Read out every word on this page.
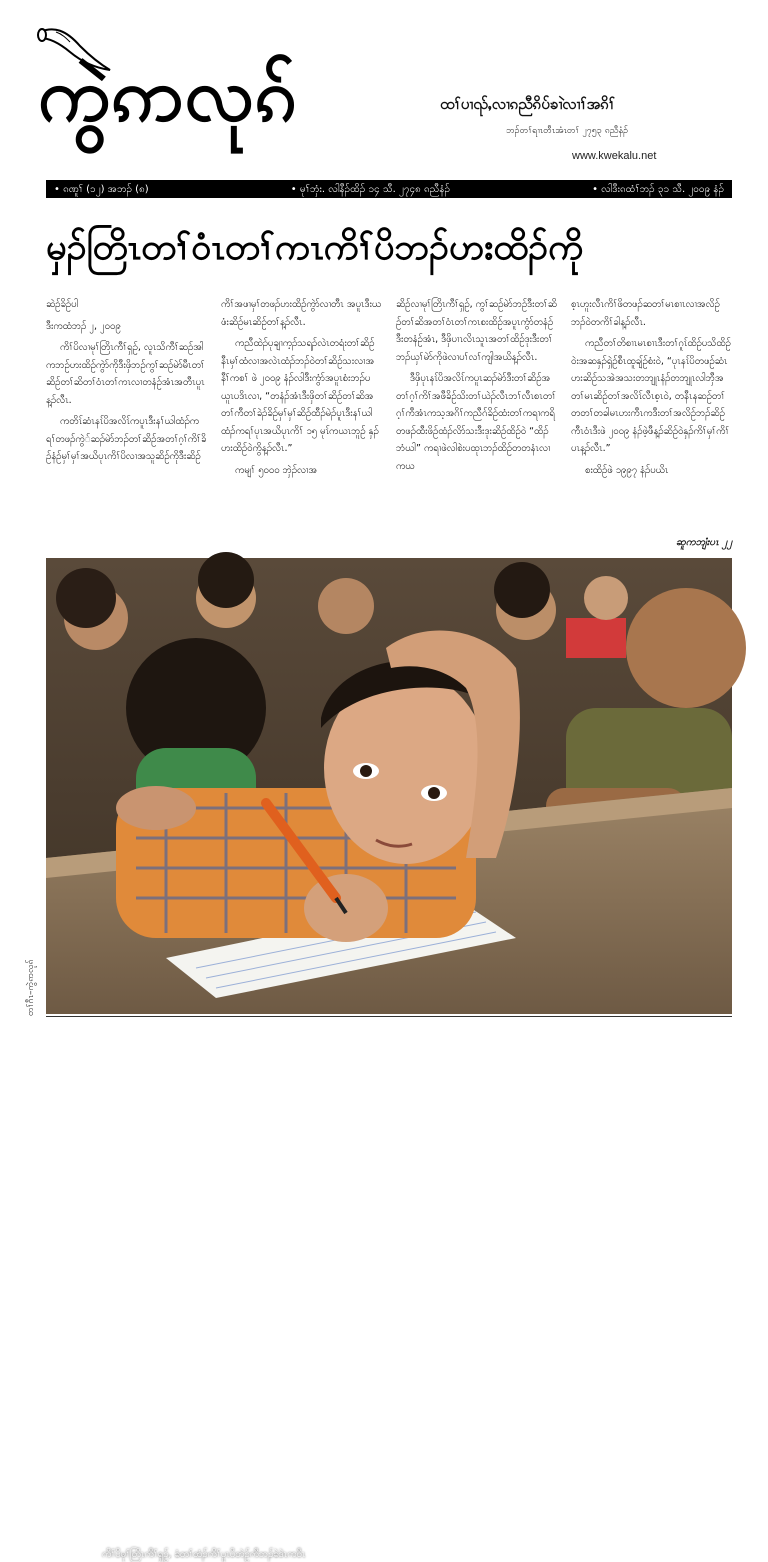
ကွဲၵာလုၵ်	ထၢ်ပၢၺ်ႇလၢၵညီၵိပ်ၶၢဲလၢၢ်အၵိၢ်
ဘၣ်တၢ်ရၢၤတီၤအံၤတၢ် ၂၇၅၃ ၵညီနံၣ်
www.kwekalu.net
• ၵဏူၢ် (၁၂) အဘၣ် (၈)	• မုၢ်ဘှံး. လါနီၣ်ထိၣ် ၁၄ သီ. ၂၇၄၈ ၵညီနံၣ်	• လါဒီးၵထံၢ်ဘၣ် ၃၁ သီ. ၂၀၀၉ နံၣ်
မှၣ်တြိၤတၢ်ဝံၤတၢ်ကၤကိၢ်ပိဘၣ်ဟးထိၣ်ကို

ဆဲဉ်ခိဉ်ပါ

ဒီးကထံဘၣ် ၂, ၂၀၀၉

ကိၢ်ပိလၢမုၢ်တြိၤကီၢ်ရှဉ်, လူၤသိကီၢ်ဆဉ်အါကဘဉ်ဟးထိဉ်ကွဲာ်ကိုဒီးဖှိဘဉ်ကွၢ်ဆဉ်မဲာ်မီၤတၢ်ဆိဉ်တၢ်ဆိတၢ်ဝံၤတၢ်ကၤလၢတနံဉ်အံၤအတီၤပူၤန့ၣ်လီၤ.

ကတိၤ်ဆံၤနၤ်ပိအလိၤ်ကပူၤဒီးနၢ်ယါထံၣ်ကရၢ်တဖၣ်ကွဲ်ဆၣ်မဲာ်ဘၣ်တၢ်ဆိဉ်အတၢ်ဂ့ၢ်ကိၢ်ခိဉ်နံဉ်မှၢ်မှၢ်အယိပုၤကိၢ်ပိလၢအသူဆိဉ်ကိုဒီးဆိဉ်

ကိၢ်အဖၢမှၢ်တဖၣ်ဟးထိဉ်ကွဲာ်လၢတီၤ အပူၤဒီးယဖံးဆိဉ်မၤဆိဉ်တၢ်န့ၣ်လီၤ.

ကညီထဲၣ်ပုချၢက့ၣ်သရၣ်လဲၤတရံးတၢ်ဆိဉ်နီၤမှၢ်ထံလၢအလဲၤထံၣ်ဘၣ်ဝဲတၢ်ဆိဉ်သးလၢအနီၢ်ကစၢ် ဖဲ ၂၀၀၉ နံၣ်လါဒီးကွံာ်အပူၤစံးဘၣ်ပယူၤပဒိၤလၢ, “တနံၣ်အံၤဒီးဖှိတၢ်ဆိဉ်တၢ်ဆိအတၢ်ကီတၢ်ခဲၣ်ခိဉ်မှၢ်မှၢ်ဆိဉ်ထီၣ်မဲၣ်ပူၤဒီးနၢ်ယါထံၣ်ကရၢ်ပုၤအယိပုၤကိၢ် ၁၅ မုၤ်ကယၤဘူဉ် နှၣ်ဟးထိဉ်ဝဲကွိန့ၣ်လီၤ.”

ကမျၢ် ၅၀၀၀ ဘှဲၣ်လၢအ

ဆိဉ်လၢမုၢ်တြိၤကီၢ်ရှဉ်, ကွၢ်ဆဉ်မဲာ်ဘဉ်ဒီးတၢ်ဆိဉ်တၢ်ဆိအတၢ်ဝံၤတၢ်ကၤစးထိဉ်အပူၤကွံာ်တနံဉ်ဒီးတနံဉ်အံၤ, ဒီဖှိပၢၤလိၤသူၤအတၢ်ထိဉ်ဒုးဒီးတၢ်ဘၣ်ယှၢ်မဲာ်ကိုဖဲလၢပၢ်လၢ်ကျါအယိန့ၣ်လီၤ.

ဒီဖှိပုၤနၤ်ပိအလိၤ်ကပူၤဆၣ်မဲာ်ဒီးတၢ်ဆိဉ်အတၢ်ဂ့ၢ်ကိၢ်အဖီခိဉ်သိးတၢ်ယဲၣ်လီၤဘၢ်လီၤစၤတၢ်ဂ့ၢ်ကီအံၤကသ့အဂိၢ်ကညီဂ်ခိဉ်ထံးတၢ်ကရၢကရိတဖၣ်ထီးဖိဉ်ထံၣ်လိာ်သးဒီးဒုးဆိဉ်ထိဉ်ဝဲ “ထိၣ်ဘံယါ” ကရၢဖဲလါစဲးပထုၤဘၣ်ထိဉ်တတနံၤလၢကယ

စ့ၤဟူးလီၤကိၢ်ဖိတဖၣ်ဆတၢ်မၤစၢၤလၢအလိဉ်ဘၣ်ဝဲတကိၢ်ခါန့ၣ်လီၤ.

ကညီတၢ်တိစၢၤမၤစၢၤဒီးတၢ်ဂူၤ်ထိဉ်ပသိထိဉ်ဝဲးအဆနှၣ်ရှဲဉ်စီၤထူချ်ဉ်စံးဝဲ, “ပုၤနၤ်ပိတဖဉ်ဆံၤဟးဆိဉ်သအဲအသးတဘျုၤနံၣ်တဘျုၤလါဘှီအတၢ်မၤဆိဉ်တၢ်အလိၤ်လီၤစ့ၤဝဲ, တနီၤနဆဉ်တၢ်တတၢ်တခါမၤဟးကီၤကဒီးတၢ်အလိဉ်ဘၣ်ဆိဉ်ကီၤဝံၤဒီးဖဲ ၂၀၀၉ နံၣ်ဖဲ့ဖီန့ၣ်ဆိဉ်ဝဲနှၣ်ကိၢ်မှၢ်ကိၢ်ပၤန့ၣ်လီၤ.”

စးထိဉ်ဖဲ ၁၉၉၇ နံၣ်ပယိၤ

ဆူကဘျံးပၤ ၂၂
ကိၢ်ပိမုၢ်တြိၤကီၢ်ရှဉ်, ခံတၢ်ထံၣ်ကိၢ်ပူၤပိတဲဉ်ကီဘၣ်ခဲဒဲၤကဝီၤ
တၢ်ဂီၤ–ကွဲၵာလုၵ်
